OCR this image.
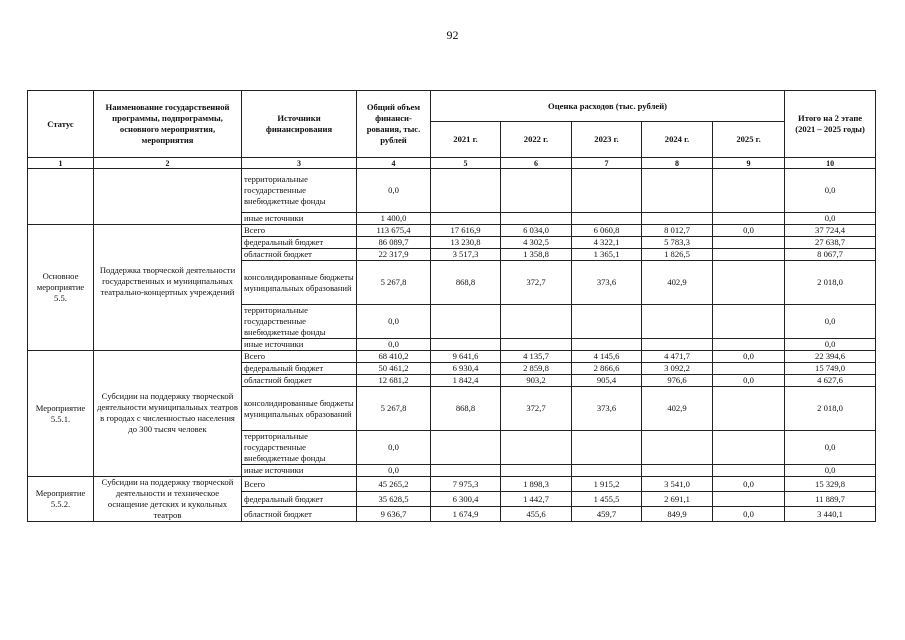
92
Статус	Наименование государственной программы, подпрограммы, основного мероприятия, мероприятия	Источники финансирования	Общий объем финанси-рования, тыс. рублей	Оценка расходов (тыс. рублей)					Итого на 2 этапе (2021 – 2025 годы)
				2021 г.	2022 г.	2023 г.	2024 г.	2025 г.	
1	2	3	4	5	6	7	8	9	10
		территориальные государственные внебюджетные фонды	0,0						0,0
		иные источники	1 400,0						0,0
Основное мероприятие 5.5.	Поддержка творческой деятельности государственных и муниципальных театрально-концертных учреждений	Всего	113 675,4	17 616,9	6 034,0	6 060,8	8 012,7	0,0	37 724,4
		федеральный бюджет	86 089,7	13 230,8	4 302,5	4 322,1	5 783,3		27 638,7
		областной бюджет	22 317,9	3 517,3	1 358,8	1 365,1	1 826,5		8 067,7
		консолидированные бюджеты муниципальных образований	5 267,8	868,8	372,7	373,6	402,9		2 018,0
		территориальные государственные внебюджетные фонды	0,0						0,0
		иные источники	0,0						0,0
Мероприятие 5.5.1.	Субсидии на поддержку творческой деятельности муниципальных театров в городах с численностью населения до 300 тысяч человек	Всего	68 410,2	9 641,6	4 135,7	4 145,6	4 471,7	0,0	22 394,6
		федеральный бюджет	50 461,2	6 930,4	2 859,8	2 866,6	3 092,2		15 749,0
		областной бюджет	12 681,2	1 842,4	903,2	905,4	976,6	0,0	4 627,6
		консолидированные бюджеты муниципальных образований	5 267,8	868,8	372,7	373,6	402,9		2 018,0
		территориальные государственные внебюджетные фонды	0,0						0,0
		иные источники	0,0						0,0
Мероприятие 5.5.2.	Субсидии на поддержку творческой деятельности и техническое оснащение детских и кукольных театров	Всего	45 265,2	7 975,3	1 898,3	1 915,2	3 541,0	0,0	15 329,8
		федеральный бюджет	35 628,5	6 300,4	1 442,7	1 455,5	2 691,1		11 889,7
		областной бюджет	9 636,7	1 674,9	455,6	459,7	849,9	0,0	3 440,1
